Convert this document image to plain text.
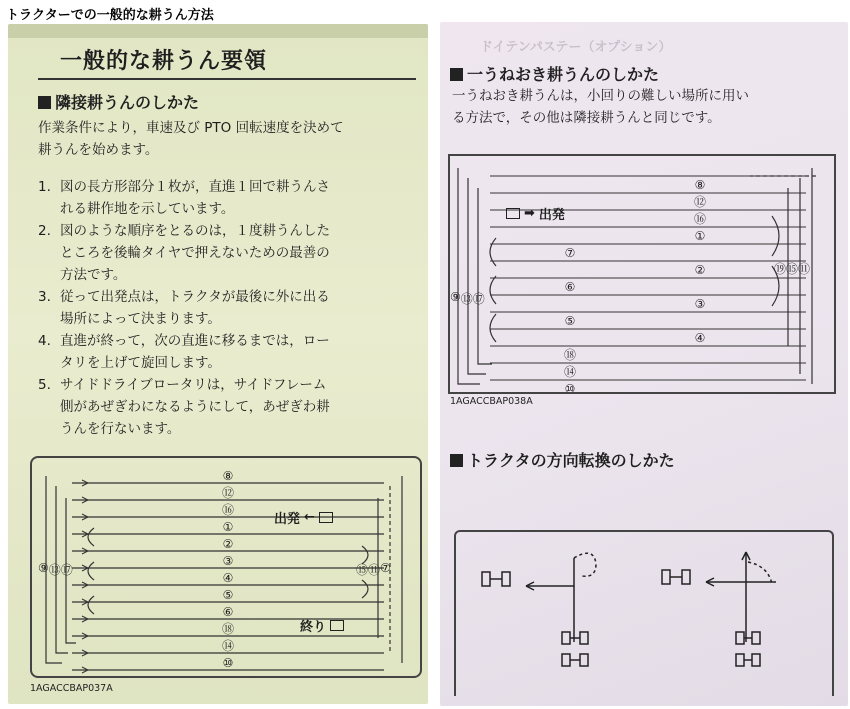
トラクターでの一般的な耕うん方法
一般的な耕うん要領
隣接耕うんのしかた
作業条件により，車速及び PTO 回転速度を決めて
耕うんを始めます。
1. 図の長方形部分１枚が，直進１回で耕うんさ
れる耕作地を示しています。
2. 図のような順序をとるのは，１度耕うんした
ところを後輪タイヤで押えないための最善の
方法です。
3. 従って出発点は，トラクタが最後に外に出る
場所によって決まります。
4. 直進が終って，次の直進に移るまでは，ロー
タリを上げて旋回します。
5. サイドドライブロータリは，サイドフレーム
側があぜぎわになるようにして，あぜぎわ耕
うんを行ないます。
⑧
⑫
⑯
①
②
③
④
⑤
⑥
⑱
⑭
⑩
⑨ ⑬ ⑰	⑮ ⑪ ⑦
出発 ←
終り
1AGACCBAP037A
ドイテンパステー（オプション）
一うねおき耕うんのしかた
一うねおき耕うんは，小回りの難しい場所に用い
る方法で，その他は隣接耕うんと同じです。
⑧
⑫
⑯
①
②
③
④
⑦
⑥
⑤
⑱
⑭
⑩
⑨ ⑬ ⑰
⑲ ⑮ ⑪
➡ 出発
1AGACCBAP038A
トラクタの方向転換のしかた
